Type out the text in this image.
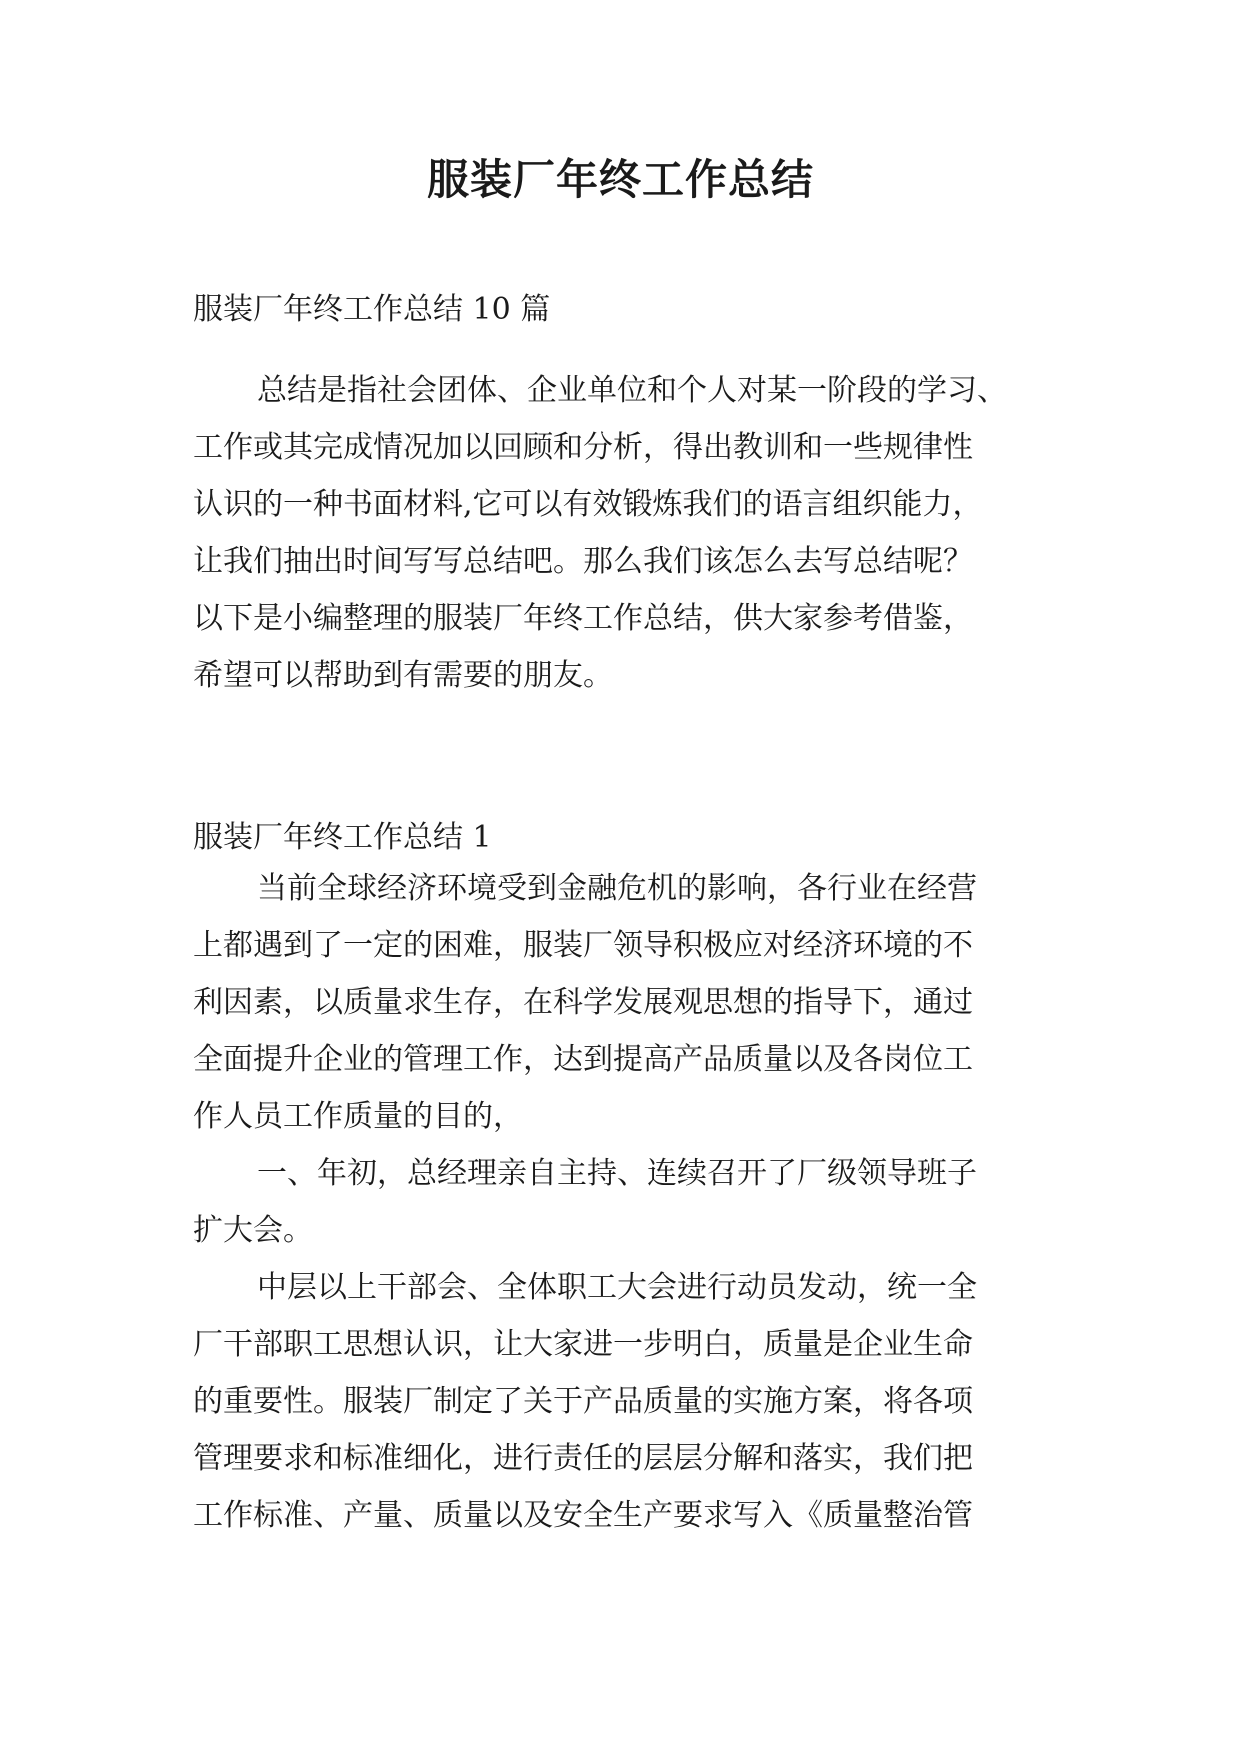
服装厂年终工作总结
服装厂年终工作总结 10 篇
总结是指社会团体、企业单位和个人对某一阶段的学习、
工作或其完成情况加以回顾和分析，得出教训和一些规律性
认识的一种书面材料,它可以有效锻炼我们的语言组织能力，
让我们抽出时间写写总结吧。那么我们该怎么去写总结呢？
以下是小编整理的服装厂年终工作总结，供大家参考借鉴，
希望可以帮助到有需要的朋友。
服装厂年终工作总结 1
当前全球经济环境受到金融危机的影响，各行业在经营
上都遇到了一定的困难，服装厂领导积极应对经济环境的不
利因素，以质量求生存，在科学发展观思想的指导下，通过
全面提升企业的管理工作，达到提高产品质量以及各岗位工
作人员工作质量的目的，
一、年初，总经理亲自主持、连续召开了厂级领导班子
扩大会。
中层以上干部会、全体职工大会进行动员发动，统一全
厂干部职工思想认识，让大家进一步明白，质量是企业生命
的重要性。服装厂制定了关于产品质量的实施方案，将各项
管理要求和标准细化，进行责任的层层分解和落实，我们把
工作标准、产量、质量以及安全生产要求写入《质量整治管
